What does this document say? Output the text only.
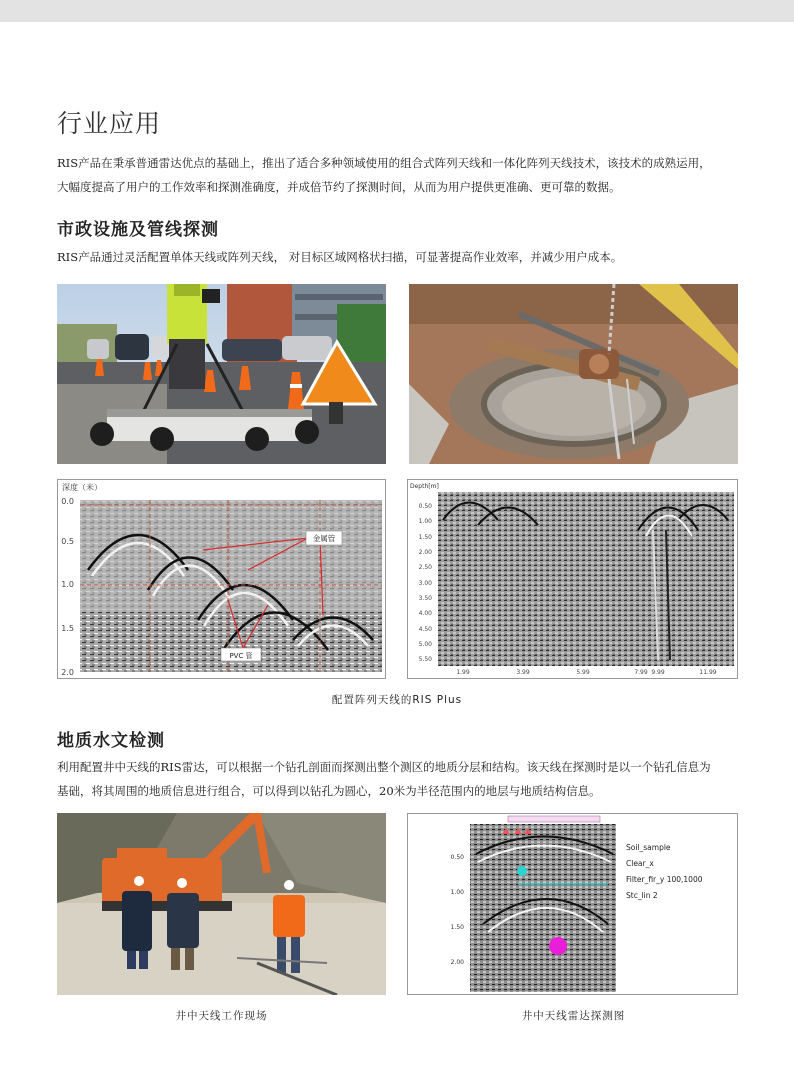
行业应用
RIS产品在秉承普通雷达优点的基础上，推出了适合多种领域使用的组合式阵列天线和一体化阵列天线技术，该技术的成熟运用，
大幅度提高了用户的工作效率和探测准确度，并成倍节约了探测时间，从而为用户提供更准确、更可靠的数据。
市政设施及管线探测
RIS产品通过灵活配置单体天线或阵列天线， 对目标区域网格状扫描，可显著提高作业效率，并减少用户成本。
深度（米）
金属管
PVC 管
0.0
0.5
1.0
1.5
2.0
Depth[m]
0.50
1.00
1.50
2.00
2.50
3.00
3.50
4.00
4.50
5.00
5.50
1.99	3.99	5.99	7.99 9.99	11.99
配置阵列天线的RIS Plus
地质水文检测
利用配置井中天线的RIS雷达，可以根据一个钻孔剖面而探测出整个测区的地质分层和结构。该天线在探测时是以一个钻孔信息为
基础，将其周围的地质信息进行组合，可以得到以钻孔为圆心，20米为半径范围内的地层与地质结构信息。
0.50
1.00
1.50
2.00
Soil_sample
Clear_x
Filter_fir_y 100,1000
Stc_lin 2
井中天线工作现场	井中天线雷达探测图
